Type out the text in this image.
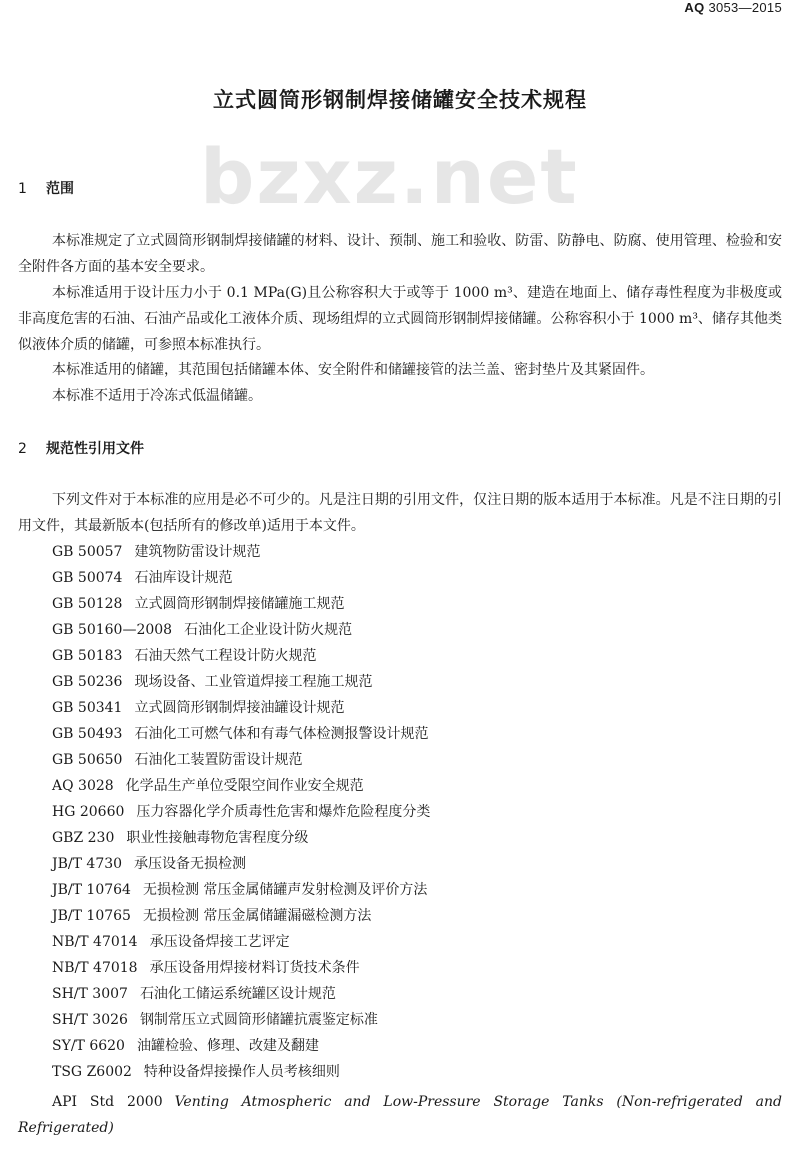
AQ 3053—2015
bzxz.net
立式圆筒形钢制焊接储罐安全技术规程
1 范围

本标准规定了立式圆筒形钢制焊接储罐的材料、设计、预制、施工和验收、防雷、防静电、防腐、使用管理、检验和安全附件各方面的基本安全要求。

本标准适用于设计压力小于 0.1 MPa(G)且公称容积大于或等于 1000 m³、建造在地面上、储存毒性程度为非极度或非高度危害的石油、石油产品或化工液体介质、现场组焊的立式圆筒形钢制焊接储罐。公称容积小于 1000 m³、储存其他类似液体介质的储罐，可参照本标准执行。

本标准适用的储罐，其范围包括储罐本体、安全附件和储罐接管的法兰盖、密封垫片及其紧固件。

本标准不适用于冷冻式低温储罐。

2 规范性引用文件

下列文件对于本标准的应用是必不可少的。凡是注日期的引用文件，仅注日期的版本适用于本标准。凡是不注日期的引用文件，其最新版本(包括所有的修改单)适用于本文件。

GB 50057 建筑物防雷设计规范
GB 50074 石油库设计规范
GB 50128 立式圆筒形钢制焊接储罐施工规范
GB 50160—2008 石油化工企业设计防火规范
GB 50183 石油天然气工程设计防火规范
GB 50236 现场设备、工业管道焊接工程施工规范
GB 50341 立式圆筒形钢制焊接油罐设计规范
GB 50493 石油化工可燃气体和有毒气体检测报警设计规范
GB 50650 石油化工装置防雷设计规范
AQ 3028 化学品生产单位受限空间作业安全规范
HG 20660 压力容器化学介质毒性危害和爆炸危险程度分类
GBZ 230 职业性接触毒物危害程度分级
JB/T 4730 承压设备无损检测
JB/T 10764 无损检测 常压金属储罐声发射检测及评价方法
JB/T 10765 无损检测 常压金属储罐漏磁检测方法
NB/T 47014 承压设备焊接工艺评定
NB/T 47018 承压设备用焊接材料订货技术条件
SH/T 3007 石油化工储运系统罐区设计规范
SH/T 3026 钢制常压立式圆筒形储罐抗震鉴定标准
SY/T 6620 油罐检验、修理、改建及翻建
TSG Z6002 特种设备焊接操作人员考核细则
API Std 2000 Venting Atmospheric and Low-Pressure Storage Tanks (Non-refrigerated and Refrigerated)
